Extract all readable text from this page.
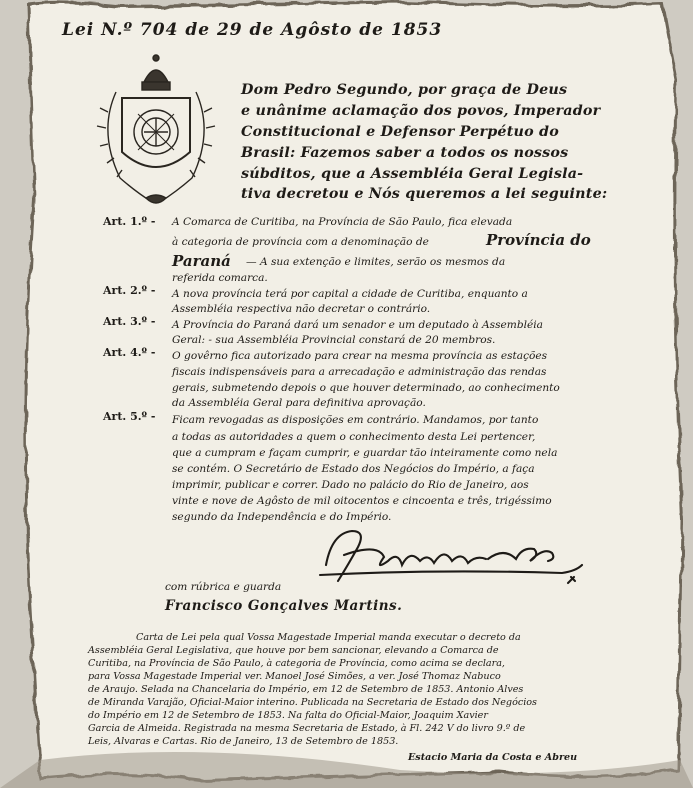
Lei N.º 704 de 29 de Agôsto de 1853
Dom Pedro Segundo, por graça de Deus
e unânime aclamação dos povos, Imperador
Constitucional e Defensor Perpétuo do
Brasil: Fazemos saber a todos os nossos
súbditos, que a Assembléia Geral Legisla-
tiva decretou e Nós queremos a lei seguinte:
Art. 1.º - A Comarca de Curitiba, na Província de São Paulo, fica elevada
à categoria de província com a denominação de	Província do
Paraná — A sua extenção e limites, serão os mesmos da
referida comarca.
Art. 2.º - A nova província terá por capital a cidade de Curitiba, enquanto a
Assembléia respectiva não decretar o contrário.
Art. 3.º - A Província do Paraná dará um senador e um deputado à Assembléia
Geral: - sua Assembléia Provincial constará de 20 membros.
Art. 4.º - O govêrno fica autorizado para crear na mesma província as estações
fiscais indispensáveis para a arrecadação e administração das rendas
gerais, submetendo depois o que houver determinado, ao conhecimento
da Assembléia Geral para definitiva aprovação.
Art. 5.º - Ficam revogadas as disposições em contrário. Mandamos, por tanto
a todas as autoridades a quem o conhecimento desta Lei pertencer,
que a cumpram e façam cumprir, e guardar tão inteiramente como nela
se contém. O Secretário de Estado dos Negócios do Império, a faça
imprimir, publicar e correr. Dado no palácio do Rio de Janeiro, aos
vinte e nove de Agôsto de mil oitocentos e cincoenta e três, trigéssimo
segundo da Independência e do Império.
com rúbrica e guarda
Francisco Gonçalves Martins.
Carta de Lei pela qual Vossa Magestade Imperial manda executar o decreto da
Assembléia Geral Legislativa, que houve por bem sancionar, elevando a Comarca de
Curitiba, na Província de São Paulo, à categoria de Província, como acima se declara,
para Vossa Magestade Imperial ver. Manoel José Simões, a ver. José Thomaz Nabuco
de Araujo. Selada na Chancelaria do Império, em 12 de Setembro de 1853. Antonio Alves
de Miranda Varajão, Oficial-Maior interino. Publicada na Secretaria de Estado dos Negócios
do Império em 12 de Setembro de 1853. Na falta do Oficial-Maior, Joaquim Xavier
Garcia de Almeida. Registrada na mesma Secretaria de Estado, à Fl. 242 V do livro 9.º de
Leis, Alvaras e Cartas. Rio de Janeiro, 13 de Setembro de 1853.
Estacio Maria da Costa e Abreu
